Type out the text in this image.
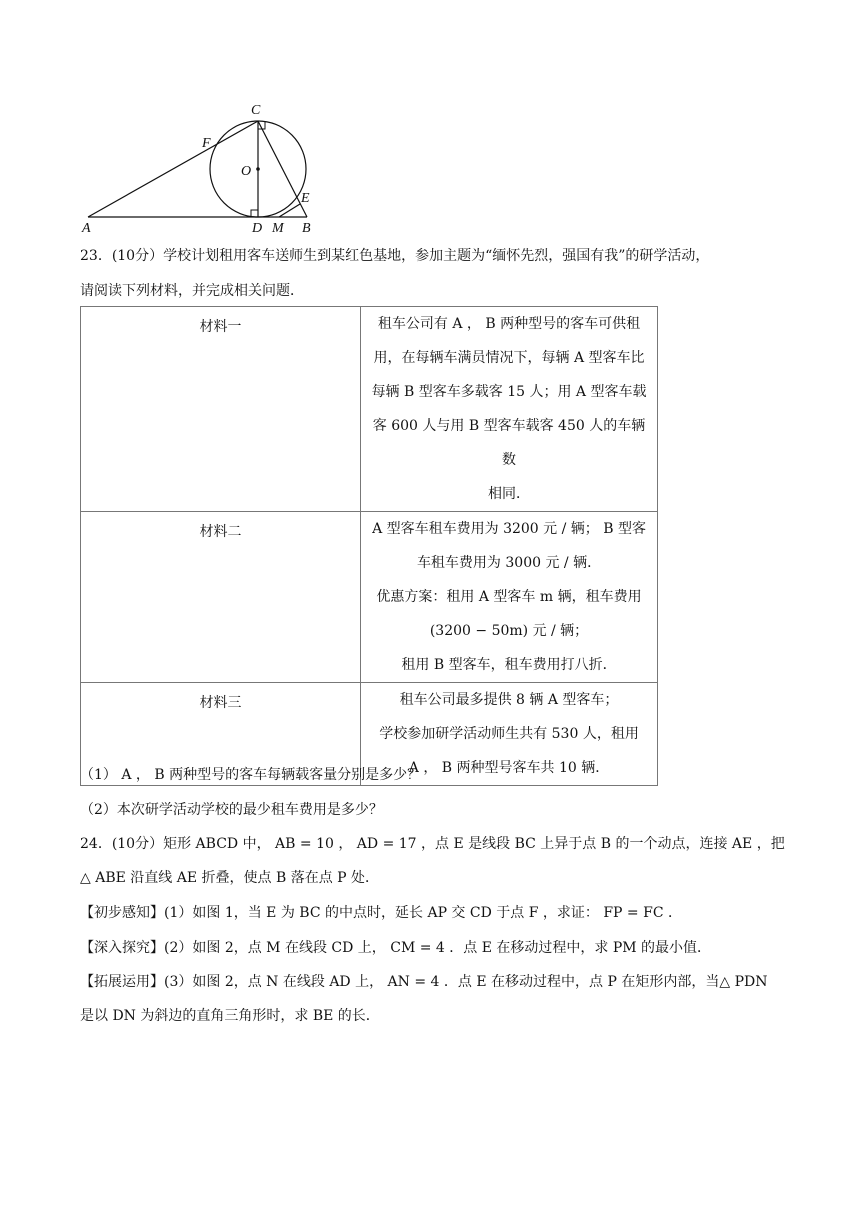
C
F
O
E
A	D M B
23．(10分）学校计划租用客车送师生到某红色基地，参加主题为“缅怀先烈，强国有我”的研学活动，
请阅读下列材料，并完成相关问题．
材料一	租车公司有 A ， B 两种型号的客车可供租
用，在每辆车满员情况下，每辆 A 型客车比
每辆 B 型客车多载客 15 人；用 A 型客车载
客 600 人与用 B 型客车载客 450 人的车辆数
相同．

材料二	A 型客车租车费用为 3200 元 / 辆； B 型客
车租车费用为 3000 元 / 辆．
优惠方案：租用 A 型客车 m 辆，租车费用
(3200 − 50m) 元 / 辆；
租用 B 型客车，租车费用打八折．

材料三	租车公司最多提供 8 辆 A 型客车；
学校参加研学活动师生共有 530 人，租用
A ， B 两种型号客车共 10 辆．
（1） A ， B 两种型号的客车每辆载客量分别是多少？
（2）本次研学活动学校的最少租车费用是多少？
24．(10分）矩形 ABCD 中， AB = 10 ， AD = 17 ，点 E 是线段 BC 上异于点 B 的一个动点，连接 AE ，把
△ ABE 沿直线 AE 折叠，使点 B 落在点 P 处．
【初步感知】(1）如图 1，当 E 为 BC 的中点时，延长 AP 交 CD 于点 F ，求证： FP = FC ．
【深入探究】(2）如图 2，点 M 在线段 CD 上， CM = 4 ．点 E 在移动过程中，求 PM 的最小值．
【拓展运用】(3）如图 2，点 N 在线段 AD 上， AN = 4 ．点 E 在移动过程中，点 P 在矩形内部，当△ PDN
是以 DN 为斜边的直角三角形时，求 BE 的长．
